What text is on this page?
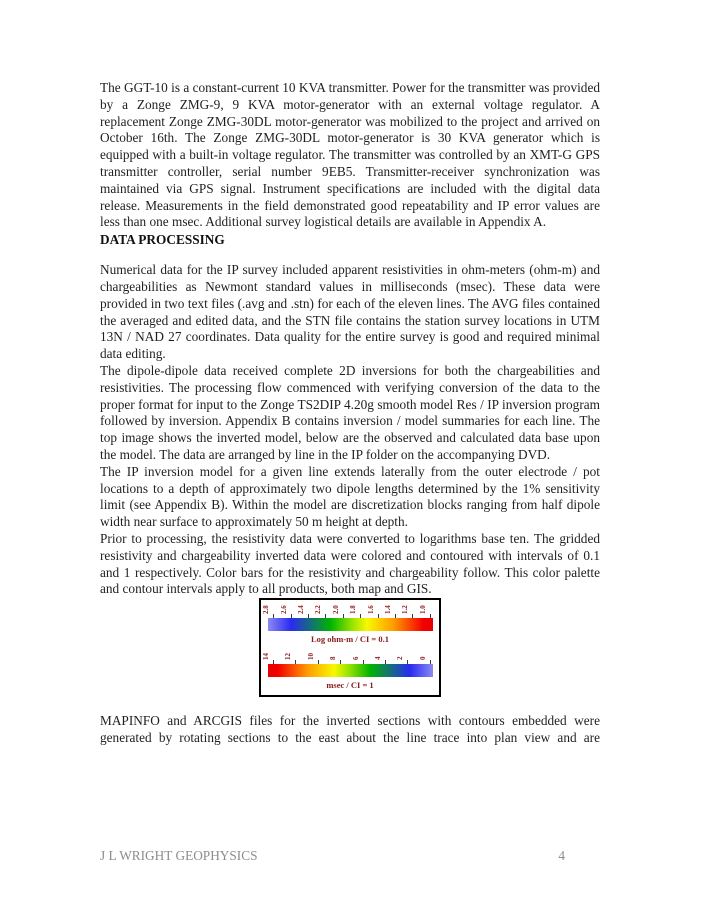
The GGT-10 is a constant-current 10 KVA transmitter. Power for the transmitter was provided by a Zonge ZMG-9, 9 KVA motor-generator with an external voltage regulator. A replacement Zonge ZMG-30DL motor-generator was mobilized to the project and arrived on October 16th. The Zonge ZMG-30DL motor-generator is 30 KVA generator which is equipped with a built-in voltage regulator. The transmitter was controlled by an XMT-G GPS transmitter controller, serial number 9EB5. Transmitter-receiver synchronization was maintained via GPS signal. Instrument specifications are included with the digital data release. Measurements in the field demonstrated good repeatability and IP error values are less than one msec. Additional survey logistical details are available in Appendix A.

DATA PROCESSING

Numerical data for the IP survey included apparent resistivities in ohm-meters (ohm-m) and chargeabilities as Newmont standard values in milliseconds (msec). These data were provided in two text files (.avg and .stn) for each of the eleven lines. The AVG files contained the averaged and edited data, and the STN file contains the station survey locations in UTM 13N / NAD 27 coordinates. Data quality for the entire survey is good and required minimal data editing.

The dipole-dipole data received complete 2D inversions for both the chargeabilities and resistivities. The processing flow commenced with verifying conversion of the data to the proper format for input to the Zonge TS2DIP 4.20g smooth model Res / IP inversion program followed by inversion. Appendix B contains inversion / model summaries for each line. The top image shows the inverted model, below are the observed and calculated data base upon the model. The data are arranged by line in the IP folder on the accompanying DVD.

The IP inversion model for a given line extends laterally from the outer electrode / pot locations to a depth of approximately two dipole lengths determined by the 1% sensitivity limit (see Appendix B). Within the model are discretization blocks ranging from half dipole width near surface to approximately 50 m height at depth.

Prior to processing, the resistivity data were converted to logarithms base ten. The gridded resistivity and chargeability inverted data were colored and contoured with intervals of 0.1 and 1 respectively. Color bars for the resistivity and chargeability follow. This color palette and contour intervals apply to all products, both map and GIS.

2.8 2.6 2.4 2.2 2.0 1.8 1.6 1.4 1.2 1.0
Log ohm-m / CI = 0.1
14 12 10 8 6 4 2 0
msec / CI = 1

MAPINFO and ARCGIS files for the inverted sections with contours embedded were generated by rotating sections to the east about the line trace into plan view and are

J L WRIGHT GEOPHYSICS	4
